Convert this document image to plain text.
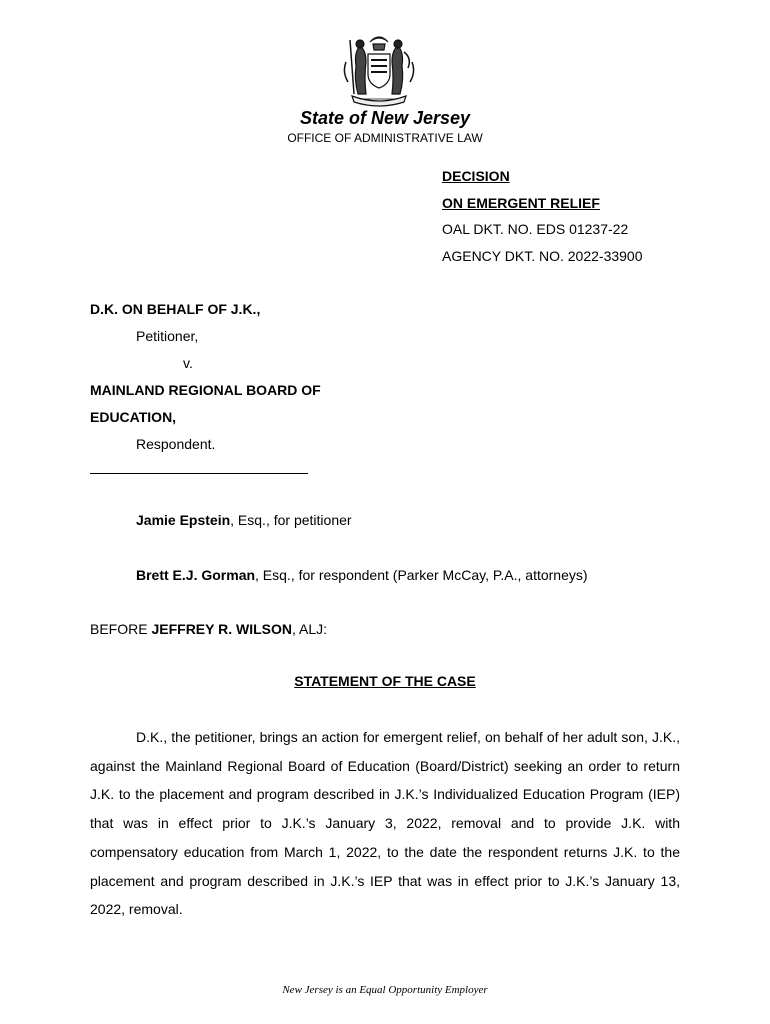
State of New Jersey
OFFICE OF ADMINISTRATIVE LAW
DECISION
ON EMERGENT RELIEF
OAL DKT. NO. EDS 01237-22
AGENCY DKT. NO. 2022-33900
D.K. ON BEHALF OF J.K.,
Petitioner,
v.
MAINLAND REGIONAL BOARD OF
EDUCATION,
Respondent.
Jamie Epstein, Esq., for petitioner
Brett E.J. Gorman, Esq., for respondent (Parker McCay, P.A., attorneys)
BEFORE JEFFREY R. WILSON, ALJ:
STATEMENT OF THE CASE
D.K., the petitioner, brings an action for emergent relief, on behalf of her adult son, J.K., against the Mainland Regional Board of Education (Board/District) seeking an order to return J.K. to the placement and program described in J.K.’s Individualized Education Program (IEP) that was in effect prior to J.K.’s January 3, 2022, removal and to provide J.K. with compensatory education from March 1, 2022, to the date the respondent returns J.K. to the placement and program described in J.K.’s IEP that was in effect prior to J.K.’s January 13, 2022, removal.
New Jersey is an Equal Opportunity Employer
